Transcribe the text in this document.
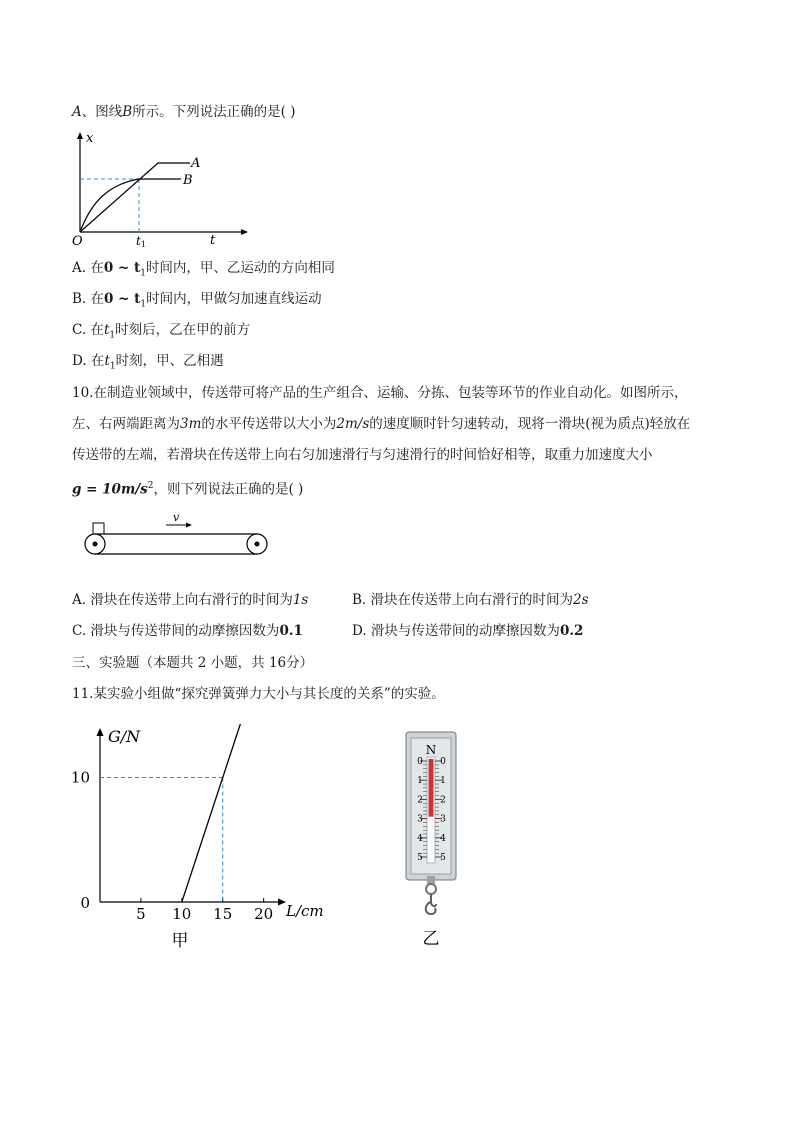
A、图线B所示。下列说法正确的是( )
x
t
O	t1
A
B
A. 在0 ~ $t_1$时间内，甲、乙运动的方向相同
B. 在0 ~ $t_1$时间内，甲做匀加速直线运动
C. 在$t_1$时刻后，乙在甲的前方
D. 在$t_1$时刻，甲、乙相遇
10.在制造业领域中，传送带可将产品的生产组合、运输、分拣、包装等环节的作业自动化。如图所示，
左、右两端距离为3m的水平传送带以大小为2m/s的速度顺时针匀速转动，现将一滑块(视为质点)轻放在
传送带的左端，若滑块在传送带上向右匀加速滑行与匀速滑行的时间恰好相等，取重力加速度大小
$g = 10m/s^2$，则下列说法正确的是( )
v
A. 滑块在传送带上向右滑行的时间为1s	B. 滑块在传送带上向右滑行的时间为2s
C. 滑块与传送带间的动摩擦因数为0.1	D. 滑块与传送带间的动摩擦因数为0.2
三、实验题（本题共 2 小题，共 16分）
11.某实验小组做“探究弹簧弹力大小与其长度的关系”的实验。
5 10 15 20
0
10
G/N
L/cm
甲
N
0
1
2
3
4
5
0
1
2
3
4
5
乙
